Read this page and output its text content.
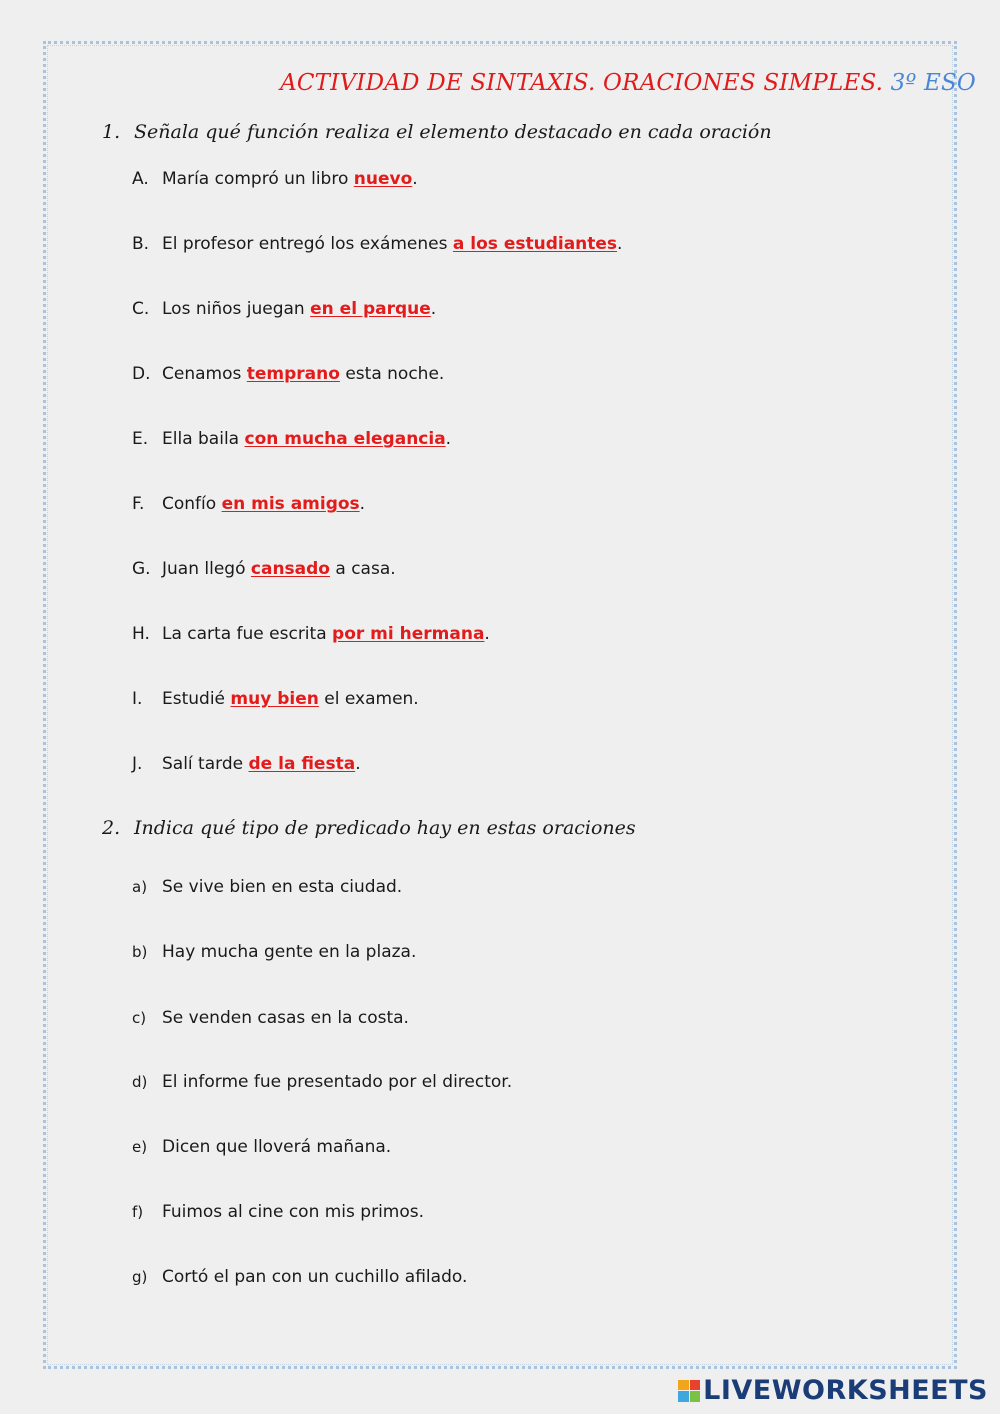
ACTIVIDAD DE SINTAXIS. ORACIONES SIMPLES. 3º ESO
1. Señala qué función realiza el elemento destacado en cada oración
A. María compró un libro nuevo.
B. El profesor entregó los exámenes a los estudiantes.
C. Los niños juegan en el parque.
D. Cenamos temprano esta noche.
E. Ella baila con mucha elegancia.
F. Confío en mis amigos.
G. Juan llegó cansado a casa.
H. La carta fue escrita por mi hermana.
I. Estudié muy bien el examen.
J. Salí tarde de la fiesta.
2. Indica qué tipo de predicado hay en estas oraciones
a) Se vive bien en esta ciudad.
b) Hay mucha gente en la plaza.
c) Se venden casas en la costa.
d) El informe fue presentado por el director.
e) Dicen que lloverá mañana.
f) Fuimos al cine con mis primos.
g) Cortó el pan con un cuchillo afilado.
LIVEWORKSHEETS
